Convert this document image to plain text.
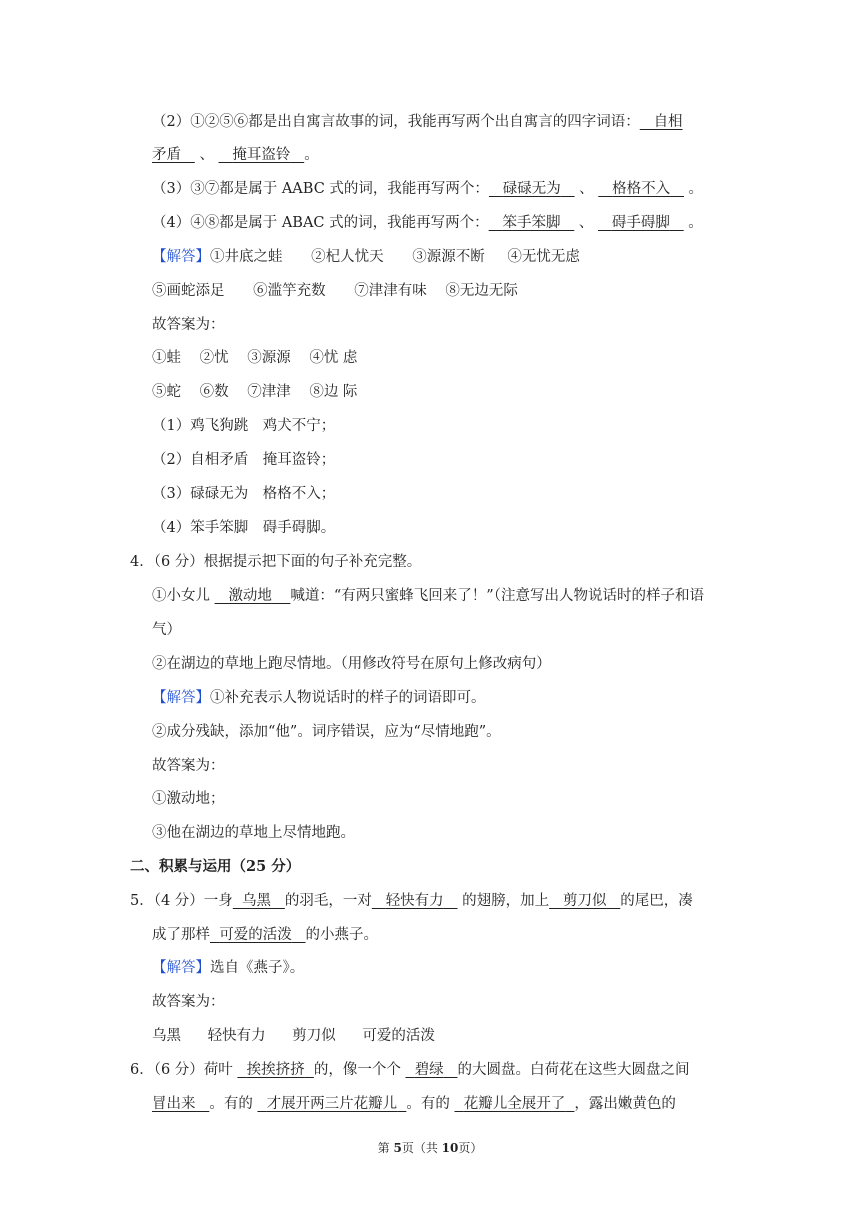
（2）①②⑤⑥都是出自寓言故事的词，我能再写两个出自寓言的四字词语： 自相
矛盾 、 掩耳盗铃 。
（3）③⑦都是属于 AABC 式的词，我能再写两个： 碌碌无为 、 格格不入 。
（4）④⑧都是属于 ABAC 式的词，我能再写两个： 笨手笨脚 、 碍手碍脚 。
【解答】①井底之蛙 ②杞人忧天 ③源源不断 ④无忧无虑
⑤画蛇添足 ⑥滥竽充数 ⑦津津有味 ⑧无边无际
故答案为：
①蛙 ②忧 ③源源 ④忧 虑
⑤蛇 ⑥数 ⑦津津 ⑧边 际
（1）鸡飞狗跳　鸡犬不宁；
（2）自相矛盾　掩耳盗铃；
（3）碌碌无为　格格不入；
（4）笨手笨脚　碍手碍脚。
4．（6 分）根据提示把下面的句子补充完整。
①小女儿 激动地 喊道：“有两只蜜蜂飞回来了！”（注意写出人物说话时的样子和语
气）
②在湖边的草地上跑尽情地。（用修改符号在原句上修改病句）
【解答】①补充表示人物说话时的样子的词语即可。
②成分残缺，添加“他”。词序错误，应为“尽情地跑”。
故答案为：
①激动地；
③他在湖边的草地上尽情地跑。
二、积累与运用（25 分）
5．（4 分）一身 乌黑 的羽毛，一对 轻快有力 的翅膀，加上 剪刀似 的尾巴，凑
成了那样 可爱的活泼 的小燕子。
【解答】选自《燕子》。
故答案为：
乌黑 轻快有力 剪刀似 可爱的活泼
6．（6 分）荷叶 挨挨挤挤 的，像一个个 碧绿 的大圆盘。白荷花在这些大圆盘之间
冒出来 。有的 才展开两三片花瓣儿 。有的 花瓣儿全展开了 ，露出嫩黄色的
第 5页（共 10页）
